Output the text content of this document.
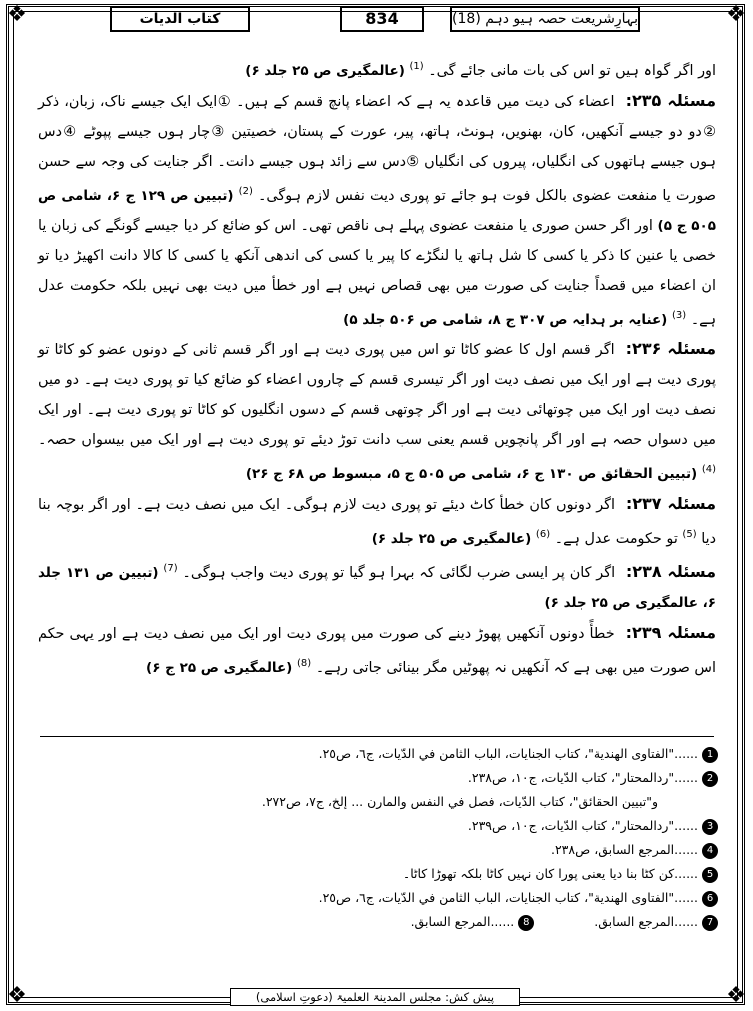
❖	❖
❖	❖
کتاب الدیات	834	بہارِشریعت حصہ ہیو دہم (18)

اور اگر گواہ ہیں تو اس کی بات مانی جائے گی۔ $^{(1)}$ (عالمگیری ص ۲۵ جلد ۶)

مسئلہ ۲۳۵: اعضاء کی دیت میں قاعدہ یہ ہے کہ اعضاء پانچ قسم کے ہیں۔ ①ایک ایک جیسے ناک، زبان، ذکر ②دو دو جیسے آنکھیں، کان، بھنویں، ہونٹ، ہاتھ، پیر، عورت کے پستان، خصیتین ③چار ہوں جیسے پپوٹے ④دس ہوں جیسے ہاتھوں کی انگلیاں، پیروں کی انگلیاں ⑤دس سے زائد ہوں جیسے دانت۔ اگر جنایت کی وجہ سے حسن صورت یا منفعت عضوی بالکل فوت ہو جائے تو پوری دیت نفس لازم ہوگی۔ $^{(2)}$ (تبیین ص ۱۲۹ ج ۶، شامی ص ۵۰۵ ج ۵) اور اگر حسن صوری یا منفعت عضوی پہلے ہی ناقص تھی۔ اس کو ضائع کر دیا جیسے گونگے کی زبان یا خصی یا عنین کا ذکر یا کسی کا شل ہاتھ یا لنگڑے کا پیر یا کسی کی اندھی آنکھ یا کسی کا کالا دانت اکھیڑ دیا تو ان اعضاء میں قصداً جنایت کی صورت میں بھی قصاص نہیں ہے اور خطأ میں دیت بھی نہیں بلکہ حکومت عدل ہے۔ $^{(3)}$ (عنایہ بر ہدایہ ص ۳۰۷ ج ۸، شامی ص ۵۰۶ جلد ۵)

مسئلہ ۲۳۶: اگر قسم اول کا عضو کاٹا تو اس میں پوری دیت ہے اور اگر قسم ثانی کے دونوں عضو کو کاٹا تو پوری دیت ہے اور ایک میں نصف دیت اور اگر تیسری قسم کے چاروں اعضاء کو ضائع کیا تو پوری دیت ہے۔ دو میں نصف دیت اور ایک میں چوتھائی دیت ہے اور اگر چوتھی قسم کے دسوں انگلیوں کو کاٹا تو پوری دیت ہے۔ اور ایک میں دسواں حصہ ہے اور اگر پانچویں قسم یعنی سب دانت توڑ دیئے تو پوری دیت ہے اور ایک میں بیسواں حصہ۔ $^{(4)}$ (تبیین الحقائق ص ۱۳۰ ج ۶، شامی ص ۵۰۵ ج ۵، مبسوط ص ۶۸ ج ۲۶)

مسئلہ ۲۳۷: اگر دونوں کان خطأ کاٹ دیئے تو پوری دیت لازم ہوگی۔ ایک میں نصف دیت ہے۔ اور اگر بوچہ بنا دیا $^{(5)}$ تو حکومت عدل ہے۔ $^{(6)}$ (عالمگیری ص ۲۵ جلد ۶)

مسئلہ ۲۳۸: اگر کان پر ایسی ضرب لگائی کہ بہرا ہو گیا تو پوری دیت واجب ہوگی۔ $^{(7)}$ (تبیین ص ۱۳۱ جلد ۶، عالمگیری ص ۲۵ جلد ۶)

مسئلہ ۲۳۹: خطأً دونوں آنکھیں پھوڑ دینے کی صورت میں پوری دیت اور ایک میں نصف دیت ہے اور یہی حکم اس صورت میں بھی ہے کہ آنکھیں نہ پھوٹیں مگر بینائی جاتی رہے۔ $^{(8)}$ (عالمگیری ص ۲۵ ج ۶)

1......"الفتاوى الهندية"، كتاب الجنايات، الباب الثامن في الدّيات، ج٦، ص٢٥.
2......"ردالمحتار"، كتاب الدّيات، ج١٠، ص٢٣٨.
و"تبيين الحقائق"، كتاب الدّيات، فصل في النفس والمارن ... إلخ، ج٧، ص٢٧٢.
3......"ردالمحتار"، كتاب الدّيات، ج١٠، ص٢٣٩.
4......المرجع السابق، ص٢٣٨.
5......کن کٹا بنا دیا یعنی پورا کان نہیں کاٹا بلکہ تھوڑا کاٹا۔
6......"الفتاوى الهندية"، كتاب الجنايات، الباب الثامن في الدّيات، ج٦، ص٢٥.
7......المرجع السابق.8......المرجع السابق.
پیش کش: مجلس المدینۃ العلمیۃ (دعوتِ اسلامی)
